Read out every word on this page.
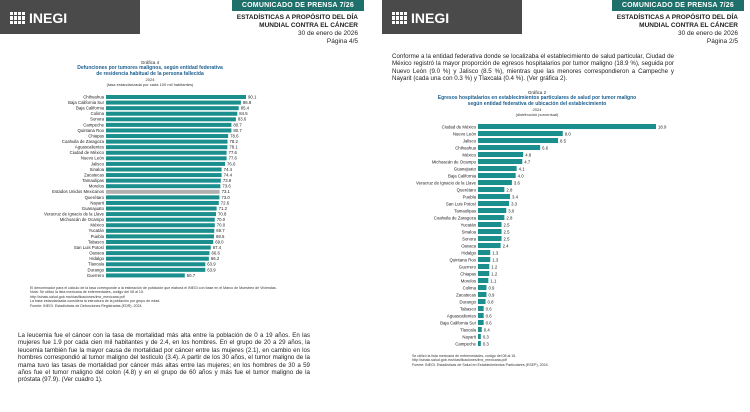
INEGI
COMUNICADO DE PRENSA 7/26
ESTADÍSTICAS A PROPÓSITO DEL DÍA
MUNDIAL CONTRA EL CÁNCER
30 de enero de 2026
Página 4/5
Gráfica 4
Defunciones por tumores malignos, según entidad federativa
de residencia habitual de la persona fallecida
2024
(tasa estandarizada por cada 100 mil habitantes)
Chihuahua	90.1
Baja California Sur	86.8
Baja California	85.4
Colima	84.5
Sonora	83.6
Campeche	80.7
Quintana Roo	80.7
Chiapas	78.6
Coahuila de Zaragoza	78.2
Aguascalientes	78.1
Ciudad de México	77.6
Nuevo León	77.6
Jalisco	76.6
Sinaloa	74.4
Zacatecas	74.4
Tamaulipas	73.9
Morelos	73.6
Estados Unidos Mexicanos	73.1
Querétaro	73.0
Nayarit	72.6
Guanajuato	71.2
Veracruz de Ignacio de la Llave	70.8
Michoacán de Ocampo	70.0
México	70.0
Yucatán	69.7
Puebla	69.5
Tabasco	69.0
San Luis Potosí	67.4
Oaxaca	66.6
Hidalgo	66.2
Tlaxcala	63.9
Durango	63.9
Guerrero	50.7
El denominador para el cálculo de la tasa corresponde a la estimación de población que elabora el INEGI con base en el Marco de Muestreo de Viviendas.
Nota: Se utilizó la lista mexicana de enfermedades, código del 08 al 15.
http://sinaic.salud.gob.mx/clasificaciones/lmx_mexicana.pdf
La base estandarizada considera la estructura de la población por grupo de edad.
Fuente: INEGI. Estadísticas de Defunciones Registradas (EDR), 2024.
La leucemia fue el cáncer con la tasa de mortalidad más alta entre la población de 0 a 19 años. En las mujeres fue 1.9 por cada cien mil habitantes y de 2.4, en los hombres. En el grupo de 20 a 29 años, la leucemia también fue la mayor causa de mortalidad por cáncer entre las mujeres (2.1), en cambio en los hombres correspondió al tumor maligno del testículo (3.4). A partir de los 30 años, el tumor maligno de la mama tuvo las tasas de mortalidad por cáncer más altas entre las mujeres; en los hombres de 30 a 59 años fue el tumor maligno del colon (4.8) y en el grupo de 60 años y más fue el tumor maligno de la próstata (97.9). (Ver cuadro 1).
INEGI
COMUNICADO DE PRENSA 7/26
ESTADÍSTICAS A PROPÓSITO DEL DÍA
MUNDIAL CONTRA EL CÁNCER
30 de enero de 2026
Página 2/5
Conforme a la entidad federativa donde se localizaba el establecimiento de salud particular, Ciudad de México registró la mayor proporción de egresos hospitalarios por tumor maligno (18.9 %), seguida por Nuevo León (9.0 %) y Jalisco (8.5 %), mientras que las menores correspondieron a Campeche y Nayarit (cada una con 0.3 %) y Tlaxcala (0.4 %). (Ver gráfica 2).
Gráfica 2
Egresos hospitalarios en establecimientos particulares de salud por tumor maligno
según entidad federativa de ubicación del establecimiento
2024
(distribución porcentual)
Ciudad de México	18.9
Nuevo León	9.0
Jalisco	8.5
Chihuahua	6.6
México	4.8
Michoacán de Ocampo	4.7
Guanajuato	4.1
Baja California	4.0
Veracruz de Ignacio de la Llave	3.6
Querétaro	2.8
Puebla	3.4
San Luis Potosí	3.3
Tamaulipas	3.0
Coahuila de Zaragoza	2.8
Yucatán	2.5
Sinaloa	2.5
Sonora	2.5
Oaxaca	2.4
Hidalgo	1.3
Quintana Roo	1.3
Guerrero	1.2
Chiapas	1.2
Morelos	1.1
Colima	0.9
Zacatecas	0.9
Durango	0.8
Tabasco 0.6
Aguascalientes 0.6
Baja California Sur 0.6
Tlaxcala 0.4
Nayarit 0.3
Campeche 0.3
Se utilizó la lista mexicana de enfermedades, código del 08 al 15.
http://sinaic.salud.gob.mx/clasificaciones/lmx_mexicana.pdf
Fuente: INEGI. Estadísticas de Salud en Establecimientos Particulares (ESEP), 2024.
